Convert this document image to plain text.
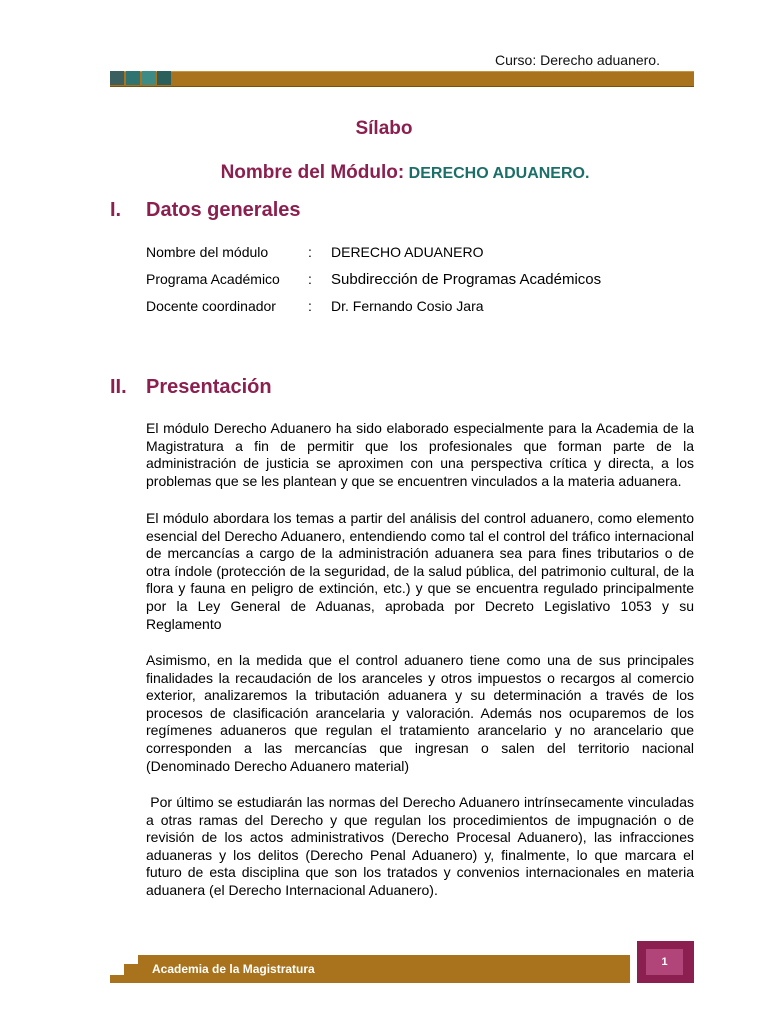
Curso: Derecho aduanero.
Sílabo
Nombre del Módulo: DERECHO ADUANERO.
I. Datos generales
Nombre del módulo	: DERECHO ADUANERO
Programa Académico : Subdirección de Programas Académicos
Docente coordinador : Dr. Fernando Cosio Jara
II. Presentación

El módulo Derecho Aduanero ha sido elaborado especialmente para la Academia de la Magistratura a fin de permitir que los profesionales que forman parte de la administración de justicia se aproximen con una perspectiva crítica y directa, a los problemas que se les plantean y que se encuentren vinculados a la materia aduanera.

El módulo abordara los temas a partir del análisis del control aduanero, como elemento esencial del Derecho Aduanero, entendiendo como tal el control del tráfico internacional de mercancías a cargo de la administración aduanera sea para fines tributarios o de otra índole (protección de la seguridad, de la salud pública, del patrimonio cultural, de la flora y fauna en peligro de extinción, etc.) y que se encuentra regulado principalmente por la Ley General de Aduanas, aprobada por Decreto Legislativo 1053 y su Reglamento

Asimismo, en la medida que el control aduanero tiene como una de sus principales finalidades la recaudación de los aranceles y otros impuestos o recargos al comercio exterior, analizaremos la tributación aduanera y su determinación a través de los procesos de clasificación arancelaria y valoración. Además nos ocuparemos de los regímenes aduaneros que regulan el tratamiento arancelario y no arancelario que corresponden a las mercancías que ingresan o salen del territorio nacional (Denominado Derecho Aduanero material)

Por último se estudiarán las normas del Derecho Aduanero intrínsecamente vinculadas a otras ramas del Derecho y que regulan los procedimientos de impugnación o de revisión de los actos administrativos (Derecho Procesal Aduanero), las infracciones aduaneras y los delitos (Derecho Penal Aduanero) y, finalmente, lo que marcara el futuro de esta disciplina que son los tratados y convenios internacionales en materia aduanera (el Derecho Internacional Aduanero).

Academia de la Magistratura	1
